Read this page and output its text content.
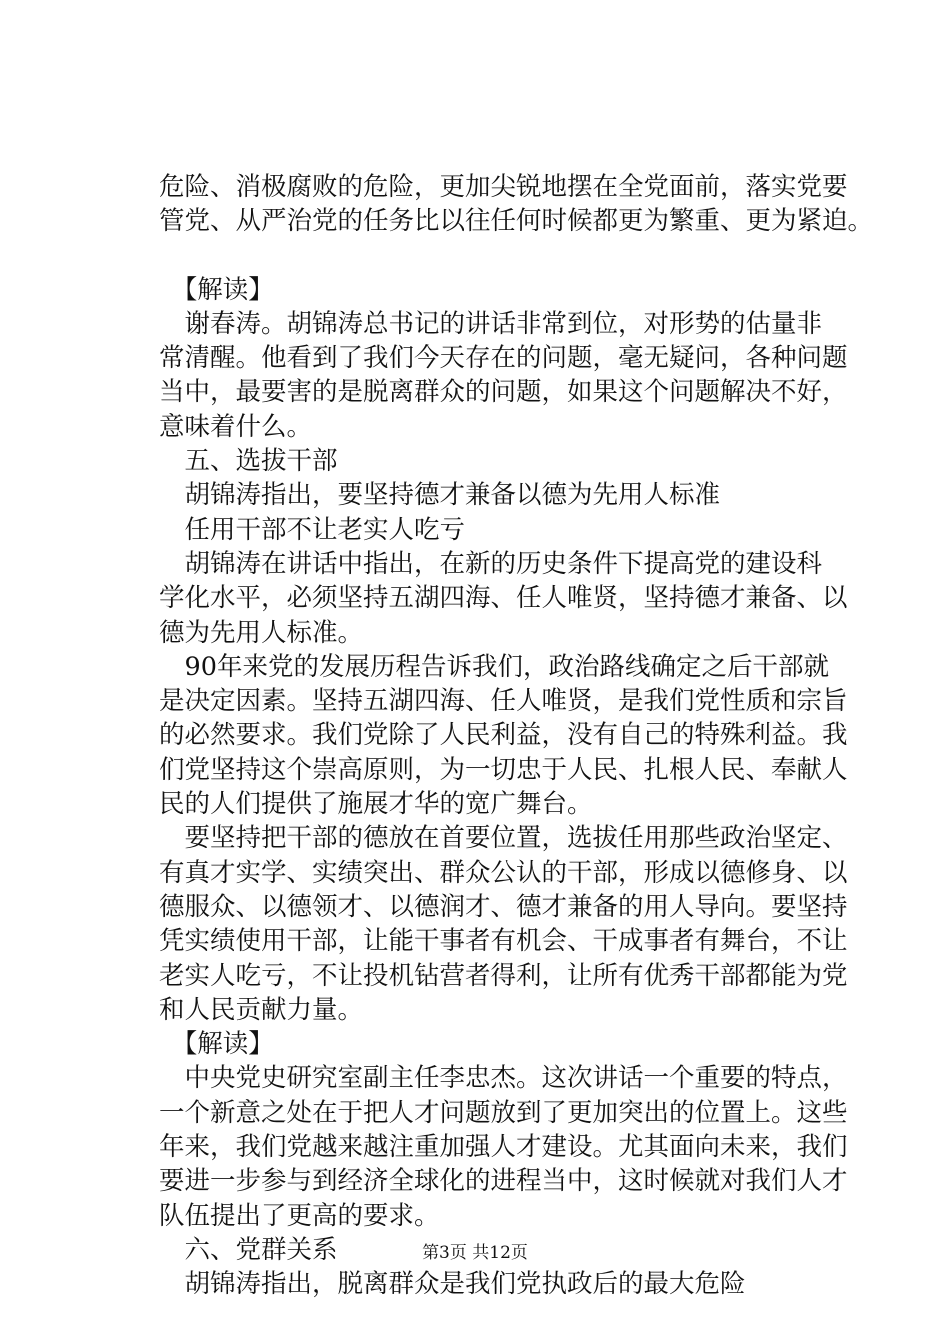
危险、消极腐败的危险，更加尖锐地摆在全党面前，落实党要
管党、从严治党的任务比以往任何时候都更为繁重、更为紧迫。
　【解读】
　谢春涛。胡锦涛总书记的讲话非常到位，对形势的估量非
常清醒。他看到了我们今天存在的问题，毫无疑问，各种问题
当中，最要害的是脱离群众的问题，如果这个问题解决不好，
意味着什么。
　五、选拔干部
　胡锦涛指出，要坚持德才兼备以德为先用人标准
　任用干部不让老实人吃亏
　胡锦涛在讲话中指出，在新的历史条件下提高党的建设科
学化水平，必须坚持五湖四海、任人唯贤，坚持德才兼备、以
德为先用人标准。
　90年来党的发展历程告诉我们，政治路线确定之后干部就
是决定因素。坚持五湖四海、任人唯贤，是我们党性质和宗旨
的必然要求。我们党除了人民利益，没有自己的特殊利益。我
们党坚持这个崇高原则，为一切忠于人民、扎根人民、奉献人
民的人们提供了施展才华的宽广舞台。
　要坚持把干部的德放在首要位置，选拔任用那些政治坚定、
有真才实学、实绩突出、群众公认的干部，形成以德修身、以
德服众、以德领才、以德润才、德才兼备的用人导向。要坚持
凭实绩使用干部，让能干事者有机会、干成事者有舞台，不让
老实人吃亏，不让投机钻营者得利，让所有优秀干部都能为党
和人民贡献力量。
　【解读】
　中央党史研究室副主任李忠杰。这次讲话一个重要的特点，
一个新意之处在于把人才问题放到了更加突出的位置上。这些
年来，我们党越来越注重加强人才建设。尤其面向未来，我们
要进一步参与到经济全球化的进程当中，这时候就对我们人才
队伍提出了更高的要求。
　六、党群关系
　胡锦涛指出，脱离群众是我们党执政后的最大危险
第3页 共12页
